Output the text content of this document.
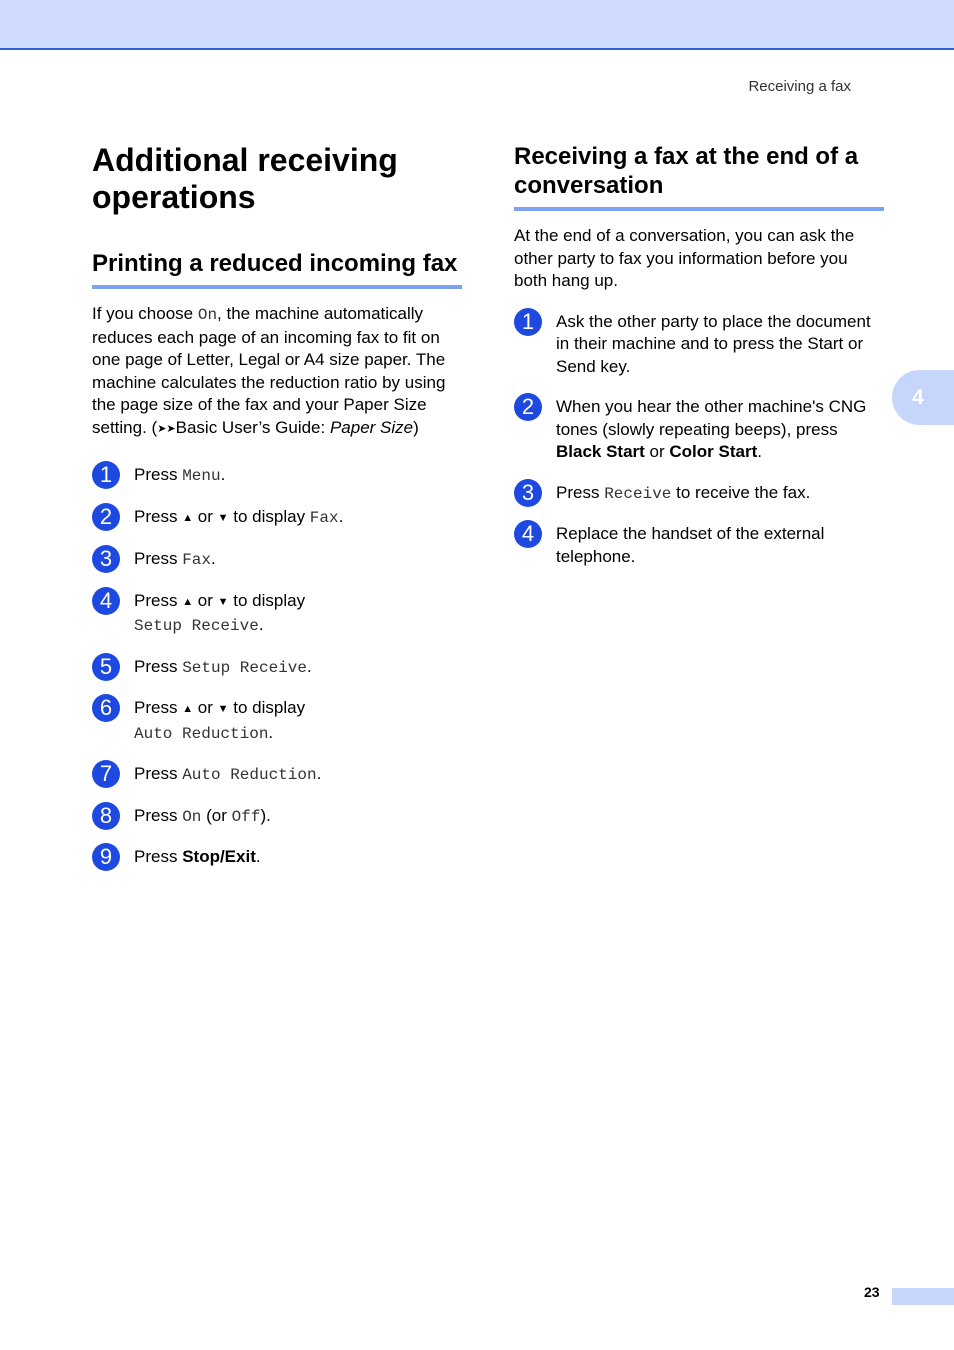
Receiving a fax
4
Additional receiving operations
Printing a reduced incoming fax

If you choose On, the machine automatically reduces each page of an incoming fax to fit on one page of Letter, Legal or A4 size paper. The machine calculates the reduction ratio by using the page size of the fax and your Paper Size setting. (➤➤Basic User’s Guide: Paper Size)

1	Press Menu.
2	Press ▲ or ▼ to display Fax.
3	Press Fax.
4	Press ▲ or ▼ to display
Setup Receive.
5	Press Setup Receive.
6	Press ▲ or ▼ to display
Auto Reduction.
7	Press Auto Reduction.
8	Press On (or Off).
9	Press Stop/Exit.
Receiving a fax at the end of a conversation

At the end of a conversation, you can ask the other party to fax you information before you both hang up.

1	Ask the other party to place the document in their machine and to press the Start or Send key.
2	When you hear the other machine's CNG tones (slowly repeating beeps), press Black Start or Color Start.
3	Press Receive to receive the fax.
4	Replace the handset of the external telephone.
23
